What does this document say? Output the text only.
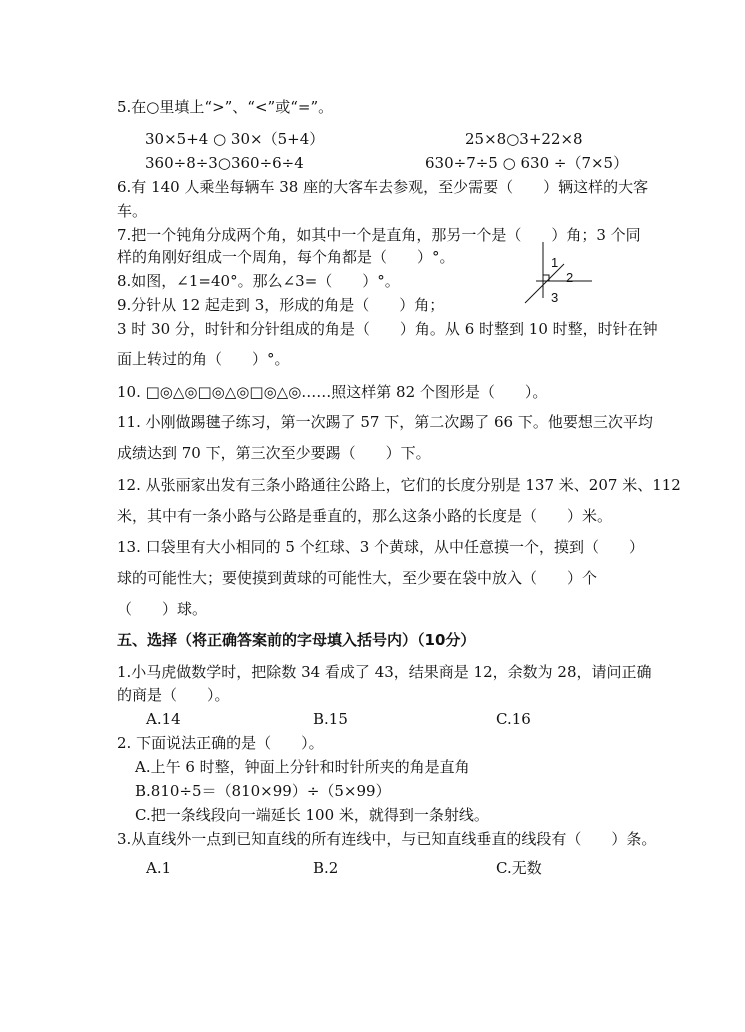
5.在○里填上“>”、“<”或“=”。
30×5+4 ○ 30×（5+4）	25×8○3+22×8
360÷8÷3○360÷6÷4	630÷7÷5 ○ 630 ÷（7×5）
6.有 140 人乘坐每辆车 38 座的大客车去参观，至少需要（　　）辆这样的大客
车。
7.把一个钝角分成两个角，如其中一个是直角，那另一个是（　　）角；3 个同
样的角刚好组成一个周角，每个角都是（　　）°。
8.如图，∠1=40°。那么∠3=（　　）°。
1
2
3
9.分针从 12 起走到 3，形成的角是（　　）角；
3 时 30 分，时针和分针组成的角是（　　）角。从 6 时整到 10 时整，时针在钟
面上转过的角（　　）°。
10. □◎△◎□◎△◎□◎△◎……照这样第 82 个图形是（　　）。
11. 小刚做踢毽子练习，第一次踢了 57 下，第二次踢了 66 下。他要想三次平均
成绩达到 70 下，第三次至少要踢（　　）下。
12. 从张丽家出发有三条小路通往公路上，它们的长度分别是 137 米、207 米、112
米，其中有一条小路与公路是垂直的，那么这条小路的长度是（　　）米。
13. 口袋里有大小相同的 5 个红球、3 个黄球，从中任意摸一个，摸到（　　）
球的可能性大；要使摸到黄球的可能性大，至少要在袋中放入（　　）个
（　　）球。
五、选择（将正确答案前的字母填入括号内）（10分）
1.小马虎做数学时，把除数 34 看成了 43，结果商是 12，余数为 28，请问正确
的商是（　　）。
A.14	B.15	C.16
2. 下面说法正确的是（　　）。
A.上午 6 时整，钟面上分针和时针所夹的角是直角
B.810÷5＝（810×99）÷（5×99）
C.把一条线段向一端延长 100 米，就得到一条射线。
3.从直线外一点到已知直线的所有连线中，与已知直线垂直的线段有（　　）条。
A.1	B.2	C.无数
